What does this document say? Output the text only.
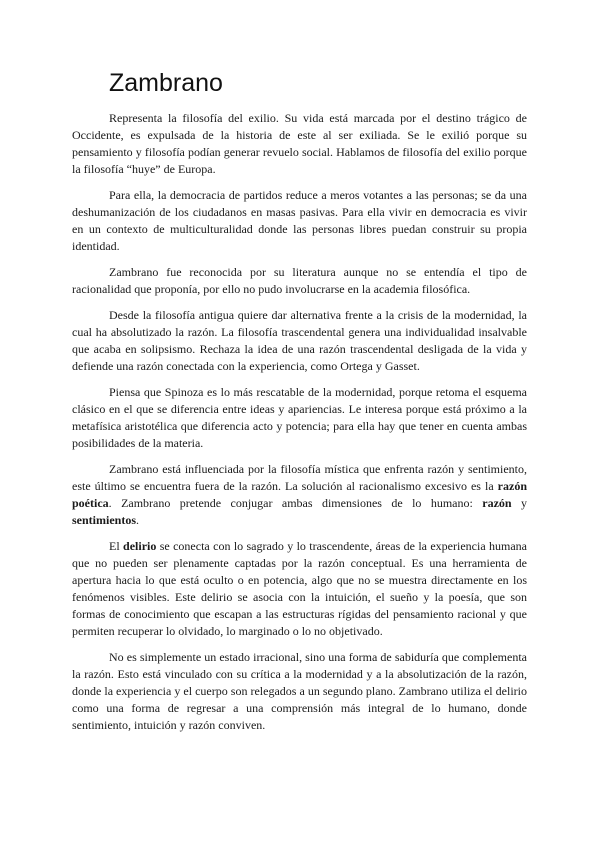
Zambrano

Representa la filosofía del exilio. Su vida está marcada por el destino trágico de Occidente, es expulsada de la historia de este al ser exiliada. Se le exilió porque su pensamiento y filosofía podían generar revuelo social. Hablamos de filosofía del exilio porque la filosofía “huye” de Europa.

Para ella, la democracia de partidos reduce a meros votantes a las personas; se da una deshumanización de los ciudadanos en masas pasivas. Para ella vivir en democracia es vivir en un contexto de multiculturalidad donde las personas libres puedan construir su propia identidad.

Zambrano fue reconocida por su literatura aunque no se entendía el tipo de racionalidad que proponía, por ello no pudo involucrarse en la academia filosófica.

Desde la filosofía antigua quiere dar alternativa frente a la crisis de la modernidad, la cual ha absolutizado la razón. La filosofía trascendental genera una individualidad insalvable que acaba en solipsismo. Rechaza la idea de una razón trascendental desligada de la vida y defiende una razón conectada con la experiencia, como Ortega y Gasset.

Piensa que Spinoza es lo más rescatable de la modernidad, porque retoma el esquema clásico en el que se diferencia entre ideas y apariencias. Le interesa porque está próximo a la metafísica aristotélica que diferencia acto y potencia; para ella hay que tener en cuenta ambas posibilidades de la materia.

Zambrano está influenciada por la filosofía mística que enfrenta razón y sentimiento, este último se encuentra fuera de la razón. La solución al racionalismo excesivo es la razón poética. Zambrano pretende conjugar ambas dimensiones de lo humano: razón y sentimientos.

El delirio se conecta con lo sagrado y lo trascendente, áreas de la experiencia humana que no pueden ser plenamente captadas por la razón conceptual. Es una herramienta de apertura hacia lo que está oculto o en potencia, algo que no se muestra directamente en los fenómenos visibles. Este delirio se asocia con la intuición, el sueño y la poesía, que son formas de conocimiento que escapan a las estructuras rígidas del pensamiento racional y que permiten recuperar lo olvidado, lo marginado o lo no objetivado.

No es simplemente un estado irracional, sino una forma de sabiduría que complementa la razón. Esto está vinculado con su crítica a la modernidad y a la absolutización de la razón, donde la experiencia y el cuerpo son relegados a un segundo plano. Zambrano utiliza el delirio como una forma de regresar a una comprensión más integral de lo humano, donde sentimiento, intuición y razón conviven.
